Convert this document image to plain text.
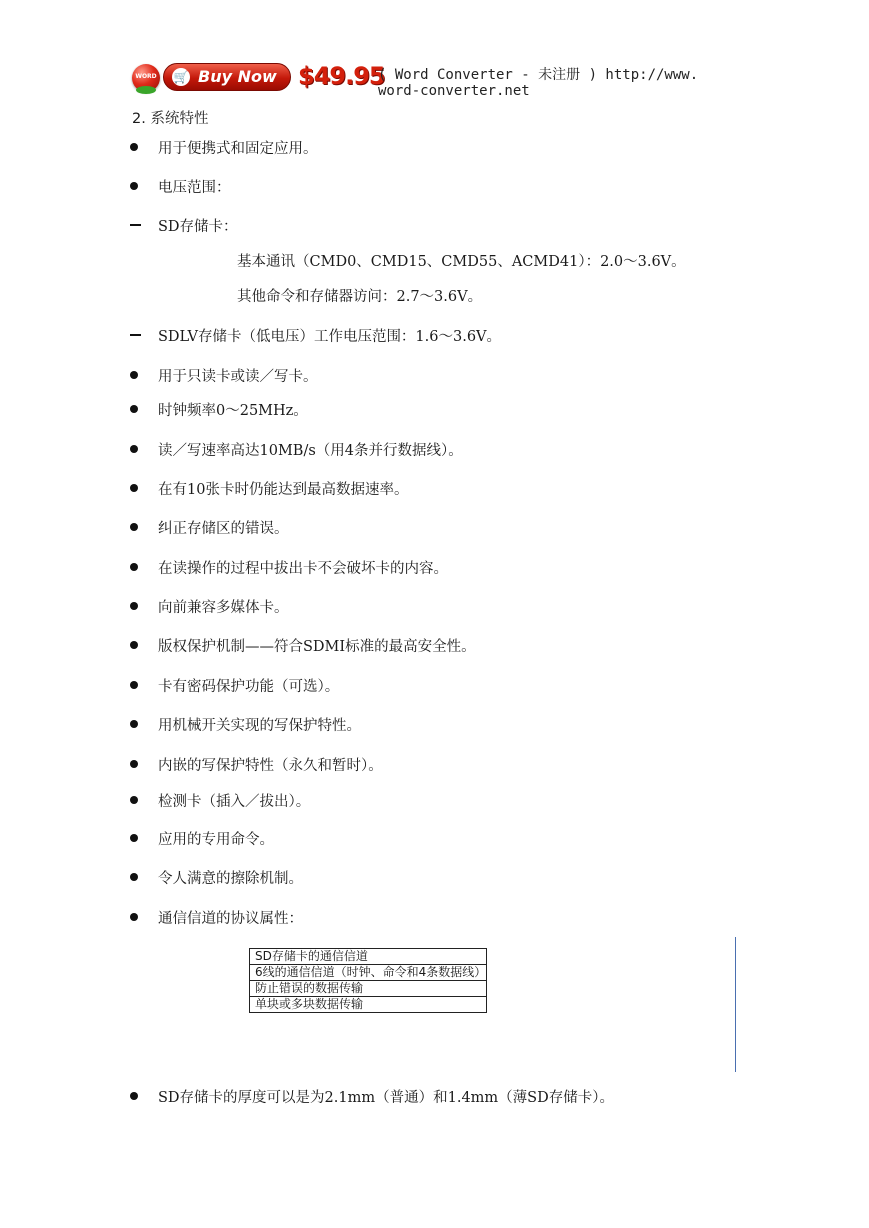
WORD 🛒 Buy Now $49.95
( Word Converter - 未注册 ) http://www.
word-converter.net
2. 系统特性
用于便携式和固定应用。
电压范围：
SD存储卡：
基本通讯（CMD0、CMD15、CMD55、ACMD41）：2.0～3.6V。
其他命令和存储器访问：2.7～3.6V。
SDLV存储卡（低电压）工作电压范围：1.6～3.6V。
用于只读卡或读／写卡。
时钟频率0～25MHz。
读／写速率高达10MB/s（用4条并行数据线）。
在有10张卡时仍能达到最高数据速率。
纠正存储区的错误。
在读操作的过程中拔出卡不会破坏卡的内容。
向前兼容多媒体卡。
版权保护机制——符合SDMI标准的最高安全性。
卡有密码保护功能（可选）。
用机械开关实现的写保护特性。
内嵌的写保护特性（永久和暂时）。
检测卡（插入／拔出）。
应用的专用命令。
令人满意的擦除机制。
通信信道的协议属性：
SD存储卡的通信信道
6线的通信信道（时钟、命令和4条数据线）
防止错误的数据传输
单块或多块数据传输
SD存储卡的厚度可以是为2.1mm（普通）和1.4mm（薄SD存储卡）。
